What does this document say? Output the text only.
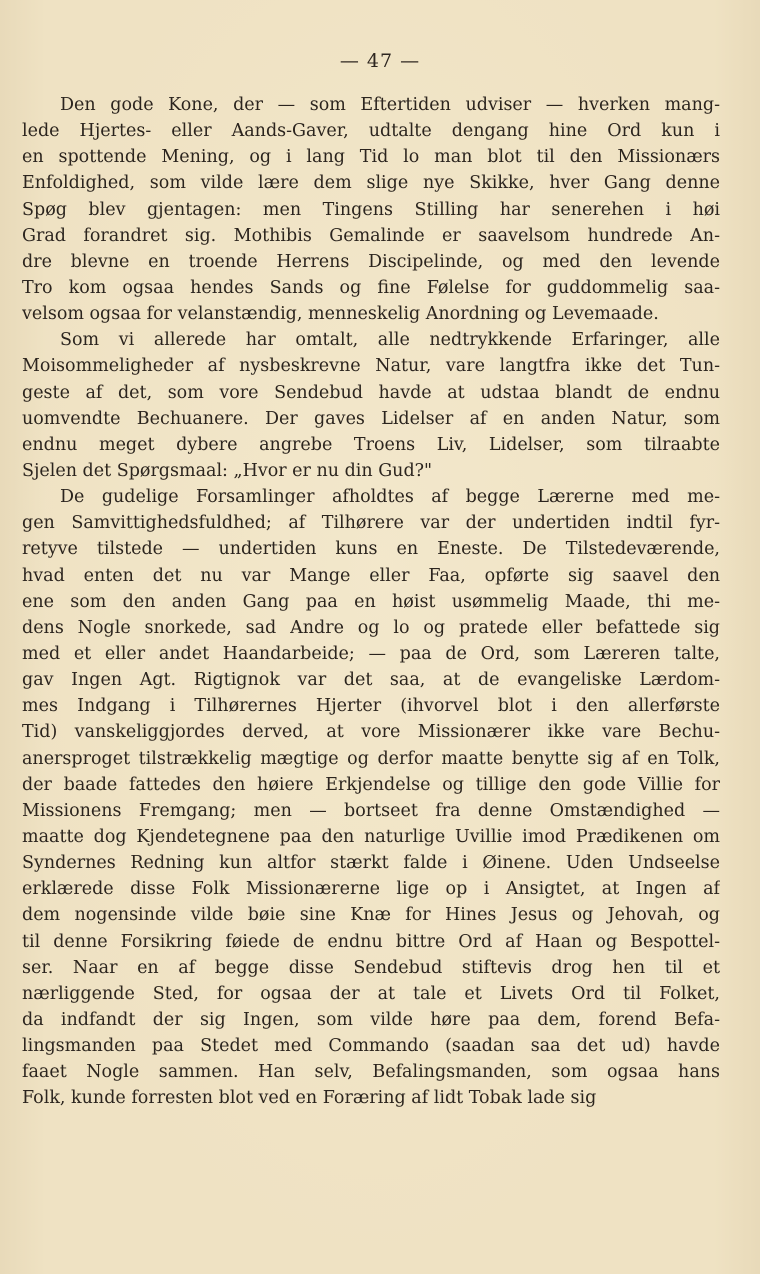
— 47 —
Den gode Kone, der — som Eftertiden udviser — hverken mang-
lede Hjertes- eller Aands-Gaver, udtalte dengang hine Ord kun i
en spottende Mening, og i lang Tid lo man blot til den Missionærs
Enfoldighed, som vilde lære dem slige nye Skikke, hver Gang denne
Spøg blev gjentagen: men Tingens Stilling har senerehen i høi
Grad forandret sig. Mothibis Gemalinde er saavelsom hundrede An-
dre blevne en troende Herrens Discipelinde, og med den levende
Tro kom ogsaa hendes Sands og fine Følelse for guddommelig saa-
velsom ogsaa for velanstændig, menneskelig Anordning og Levemaade.
Som vi allerede har omtalt, alle nedtrykkende Erfaringer, alle
Moisommeligheder af nysbeskrevne Natur, vare langtfra ikke det Tun-
geste af det, som vore Sendebud havde at udstaa blandt de endnu
uomvendte Bechuanere. Der gaves Lidelser af en anden Natur, som
endnu meget dybere angrebe Troens Liv, Lidelser, som tilraabte
Sjelen det Spørgsmaal: „Hvor er nu din Gud?"
De gudelige Forsamlinger afholdtes af begge Lærerne med me-
gen Samvittighedsfuldhed; af Tilhørere var der undertiden indtil fyr-
retyve tilstede — undertiden kuns en Eneste. De Tilstedeværende,
hvad enten det nu var Mange eller Faa, opførte sig saavel den
ene som den anden Gang paa en høist usømmelig Maade, thi me-
dens Nogle snorkede, sad Andre og lo og pratede eller befattede sig
med et eller andet Haandarbeide; — paa de Ord, som Læreren talte,
gav Ingen Agt. Rigtignok var det saa, at de evangeliske Lærdom-
mes Indgang i Tilhørernes Hjerter (ihvorvel blot i den allerførste
Tid) vanskeliggjordes derved, at vore Missionærer ikke vare Bechu-
anersproget tilstrækkelig mægtige og derfor maatte benytte sig af en Tolk,
der baade fattedes den høiere Erkjendelse og tillige den gode Villie for
Missionens Fremgang; men — bortseet fra denne Omstændighed —
maatte dog Kjendetegnene paa den naturlige Uvillie imod Prædikenen om
Syndernes Redning kun altfor stærkt falde i Øinene. Uden Undseelse
erklærede disse Folk Missionærerne lige op i Ansigtet, at Ingen af
dem nogensinde vilde bøie sine Knæ for Hines Jesus og Jehovah, og
til denne Forsikring føiede de endnu bittre Ord af Haan og Bespottel-
ser. Naar en af begge disse Sendebud stiftevis drog hen til et
nærliggende Sted, for ogsaa der at tale et Livets Ord til Folket,
da indfandt der sig Ingen, som vilde høre paa dem, forend Befa-
lingsmanden paa Stedet med Commando (saadan saa det ud) havde
faaet Nogle sammen. Han selv, Befalingsmanden, som ogsaa hans
Folk, kunde forresten blot ved en Foræring af lidt Tobak lade sig
